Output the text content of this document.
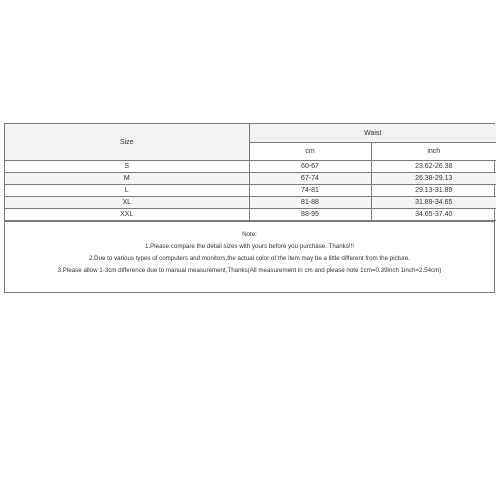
Size	Waist	
	cm	inch
S	60-67	23.62-26.38
M	67-74	26.38-29.13
L	74-81	29.13-31.89
XL	81-88	31.89-34.65
XXL	88-95	34.65-37.40
Note:
1.Please compare the detail sizes with yours before you purchase. Thanks!!!
2.Due to various types of computers and monitors,the actual color of the item may be a little different from the picture.
3.Please allow 1-3cm difference due to manual measurement,Thanks(All measurement in cm and please note 1cm=0.39inch 1inch=2.54cm)
